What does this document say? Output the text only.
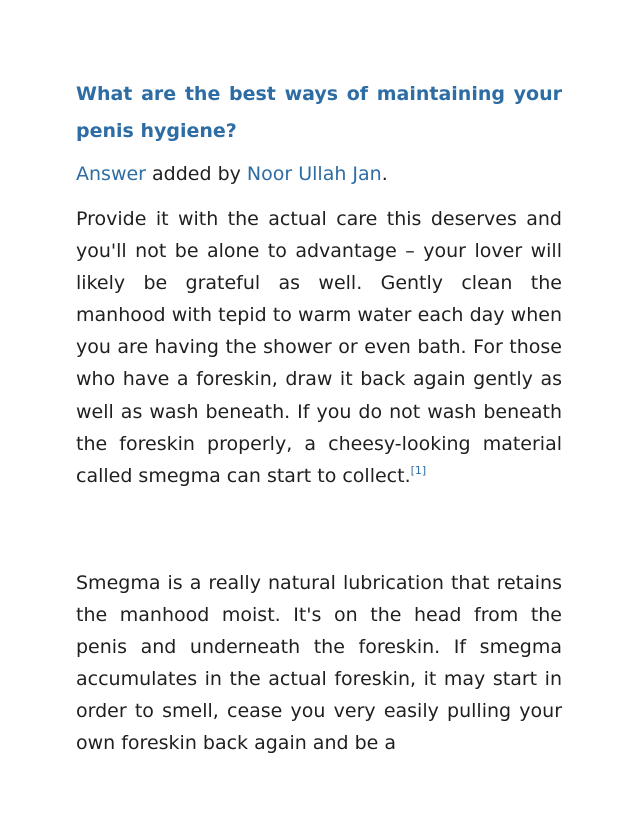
What are the best ways of maintaining your penis hygiene?

Answer added by Noor Ullah Jan.

Provide it with the actual care this deserves and you'll not be alone to advantage – your lover will likely be grateful as well. Gently clean the manhood with tepid to warm water each day when you are having the shower or even bath. For those who have a foreskin, draw it back again gently as well as wash beneath. If you do not wash beneath the foreskin properly, a cheesy-looking material called smegma can start to collect.[1]

Smegma is a really natural lubrication that retains the manhood moist. It's on the head from the penis and underneath the foreskin. If smegma accumulates in the actual foreskin, it may start in order to smell, cease you very easily pulling your own foreskin back again and be a
